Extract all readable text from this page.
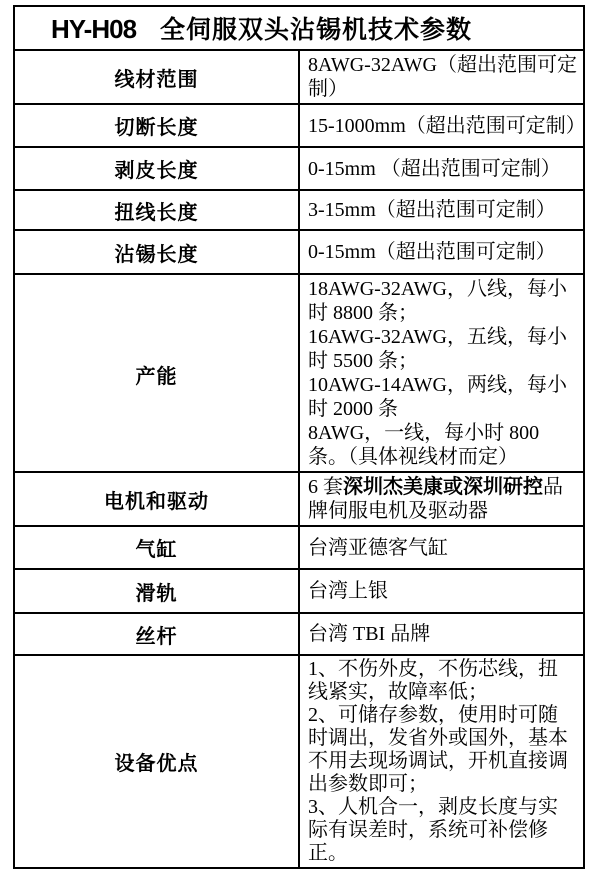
HY-H08 全伺服双头沾锡机技术参数	
线材范围	8AWG-32AWG（超出范围可定制）
切断长度	15-1000mm（超出范围可定制）
剥皮长度	0-15mm （超出范围可定制）
扭线长度	3-15mm（超出范围可定制）
沾锡长度	0-15mm（超出范围可定制）
产能	18AWG-32AWG，八线，每小时 8800 条；
16AWG-32AWG，五线，每小时 5500 条；
10AWG-14AWG，两线，每小时 2000 条
8AWG，一线，每小时 800 条。（具体视线材而定）

电机和驱动	6 套深圳杰美康或深圳研控品牌伺服电机及驱动器
气缸	台湾亚德客气缸
滑轨	台湾上银
丝杆	台湾 TBI 品牌
设备优点	1、不伤外皮，不伤芯线，扭线紧实，故障率低；
2、可储存参数，使用时可随时调出，发省外或国外，基本不用去现场调试，开机直接调出参数即可；
3、人机合一，剥皮长度与实际有误差时，系统可补偿修正。
